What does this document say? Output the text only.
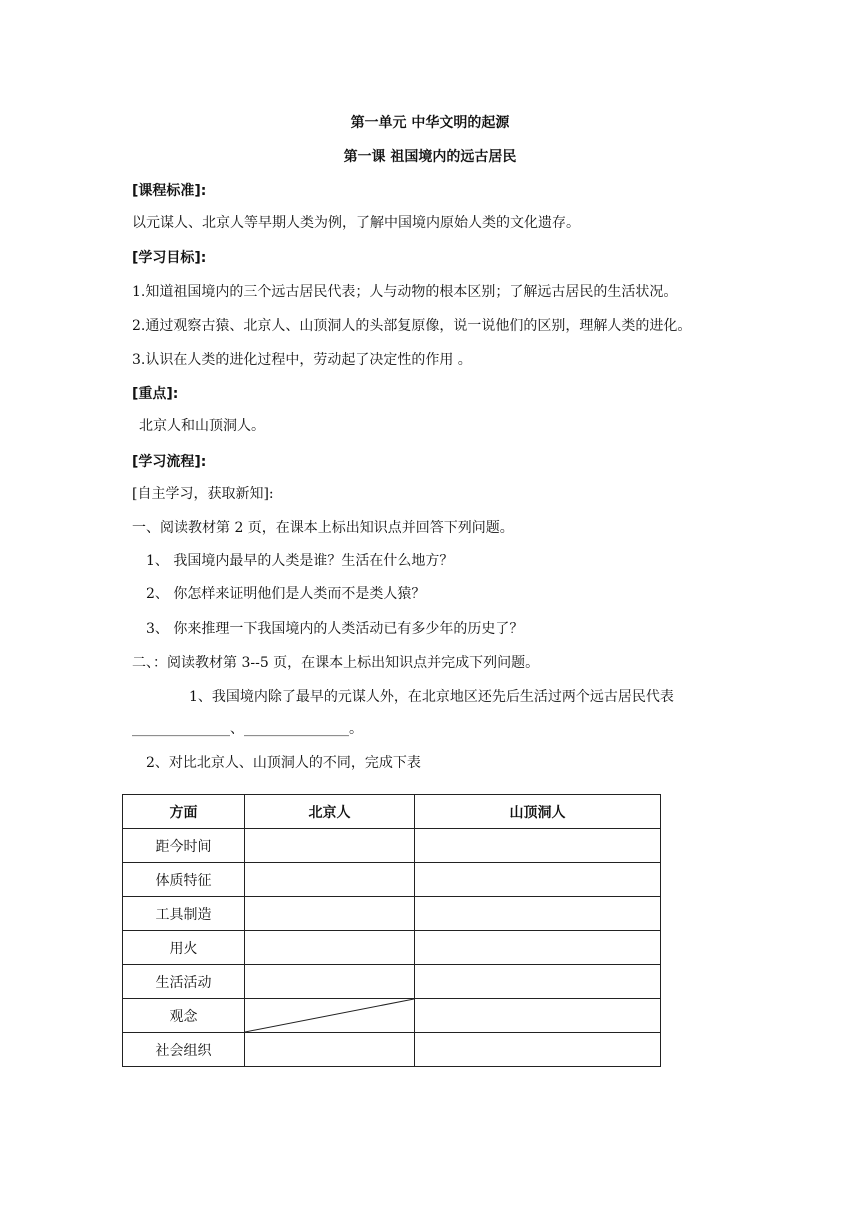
第一单元 中华文明的起源
第一课 祖国境内的远古居民
[课程标准]:
以元谋人、北京人等早期人类为例，了解中国境内原始人类的文化遗存。
[学习目标]:
1.知道祖国境内的三个远古居民代表；人与动物的根本区别；了解远古居民的生活状况。
2.通过观察古猿、北京人、山顶洞人的头部复原像，说一说他们的区别，理解人类的进化。
3.认识在人类的进化过程中，劳动起了决定性的作用 。
[重点]:
北京人和山顶洞人。
[学习流程]:
[自主学习，获取新知]:
一、阅读教材第 2 页，在课本上标出知识点并回答下列问题。
1、 我国境内最早的人类是谁？生活在什么地方？
2、 你怎样来证明他们是人类而不是类人猿？
3、 你来推理一下我国境内的人类活动已有多少年的历史了？
二、：阅读教材第 3--5 页，在课本上标出知识点并完成下列问题。
1、我国境内除了最早的元谋人外，在北京地区还先后生活过两个远古居民代表
______________、_______________。
2、对比北京人、山顶洞人的不同，完成下表
方面	北京人	山顶洞人
距今时间		
体质特征		
工具制造		
用火		
生活活动		
观念	

社会组织		
